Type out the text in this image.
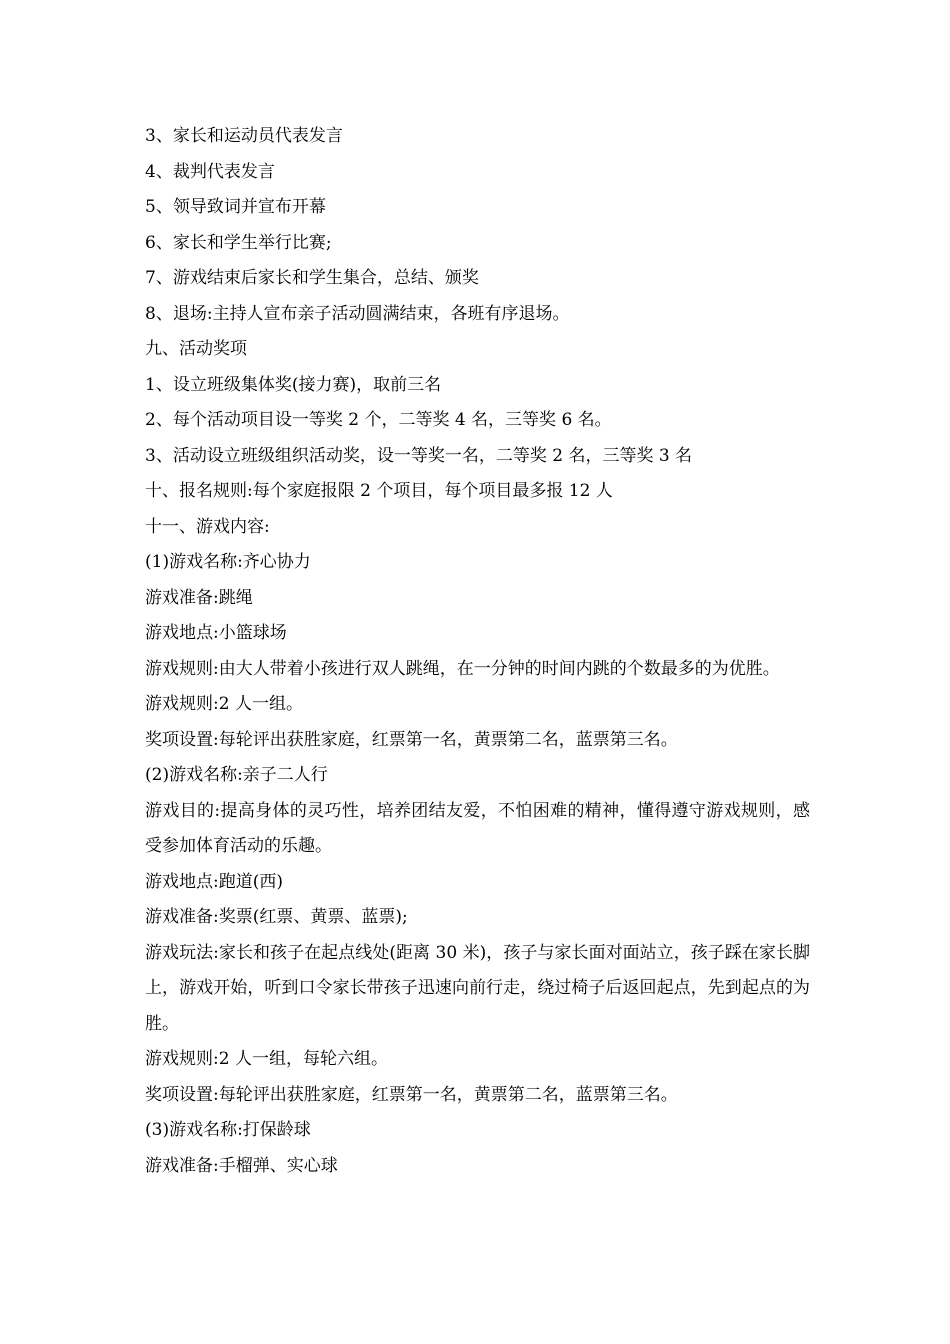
3、家长和运动员代表发言

4、裁判代表发言

5、领导致词并宣布开幕

6、家长和学生举行比赛;

7、游戏结束后家长和学生集合，总结、颁奖

8、退场:主持人宣布亲子活动圆满结束，各班有序退场。

九、活动奖项

1、设立班级集体奖(接力赛)，取前三名

2、每个活动项目设一等奖 2 个，二等奖 4 名，三等奖 6 名。

3、活动设立班级组织活动奖，设一等奖一名，二等奖 2 名，三等奖 3 名

十、报名规则:每个家庭报限 2 个项目，每个项目最多报 12 人

十一、游戏内容:

(1)游戏名称:齐心协力

游戏准备:跳绳

游戏地点:小篮球场

游戏规则:由大人带着小孩进行双人跳绳，在一分钟的时间内跳的个数最多的为优胜。

游戏规则:2 人一组。

奖项设置:每轮评出获胜家庭，红票第一名，黄票第二名，蓝票第三名。

(2)游戏名称:亲子二人行

游戏目的:提高身体的灵巧性，培养团结友爱，不怕困难的精神，懂得遵守游戏规则，感受参加体育活动的乐趣。

游戏地点:跑道(西)

游戏准备:奖票(红票、黄票、蓝票);

游戏玩法:家长和孩子在起点线处(距离 30 米)，孩子与家长面对面站立，孩子踩在家长脚上，游戏开始，听到口令家长带孩子迅速向前行走，绕过椅子后返回起点，先到起点的为胜。

游戏规则:2 人一组，每轮六组。

奖项设置:每轮评出获胜家庭，红票第一名，黄票第二名，蓝票第三名。

(3)游戏名称:打保龄球

游戏准备:手榴弹、实心球
